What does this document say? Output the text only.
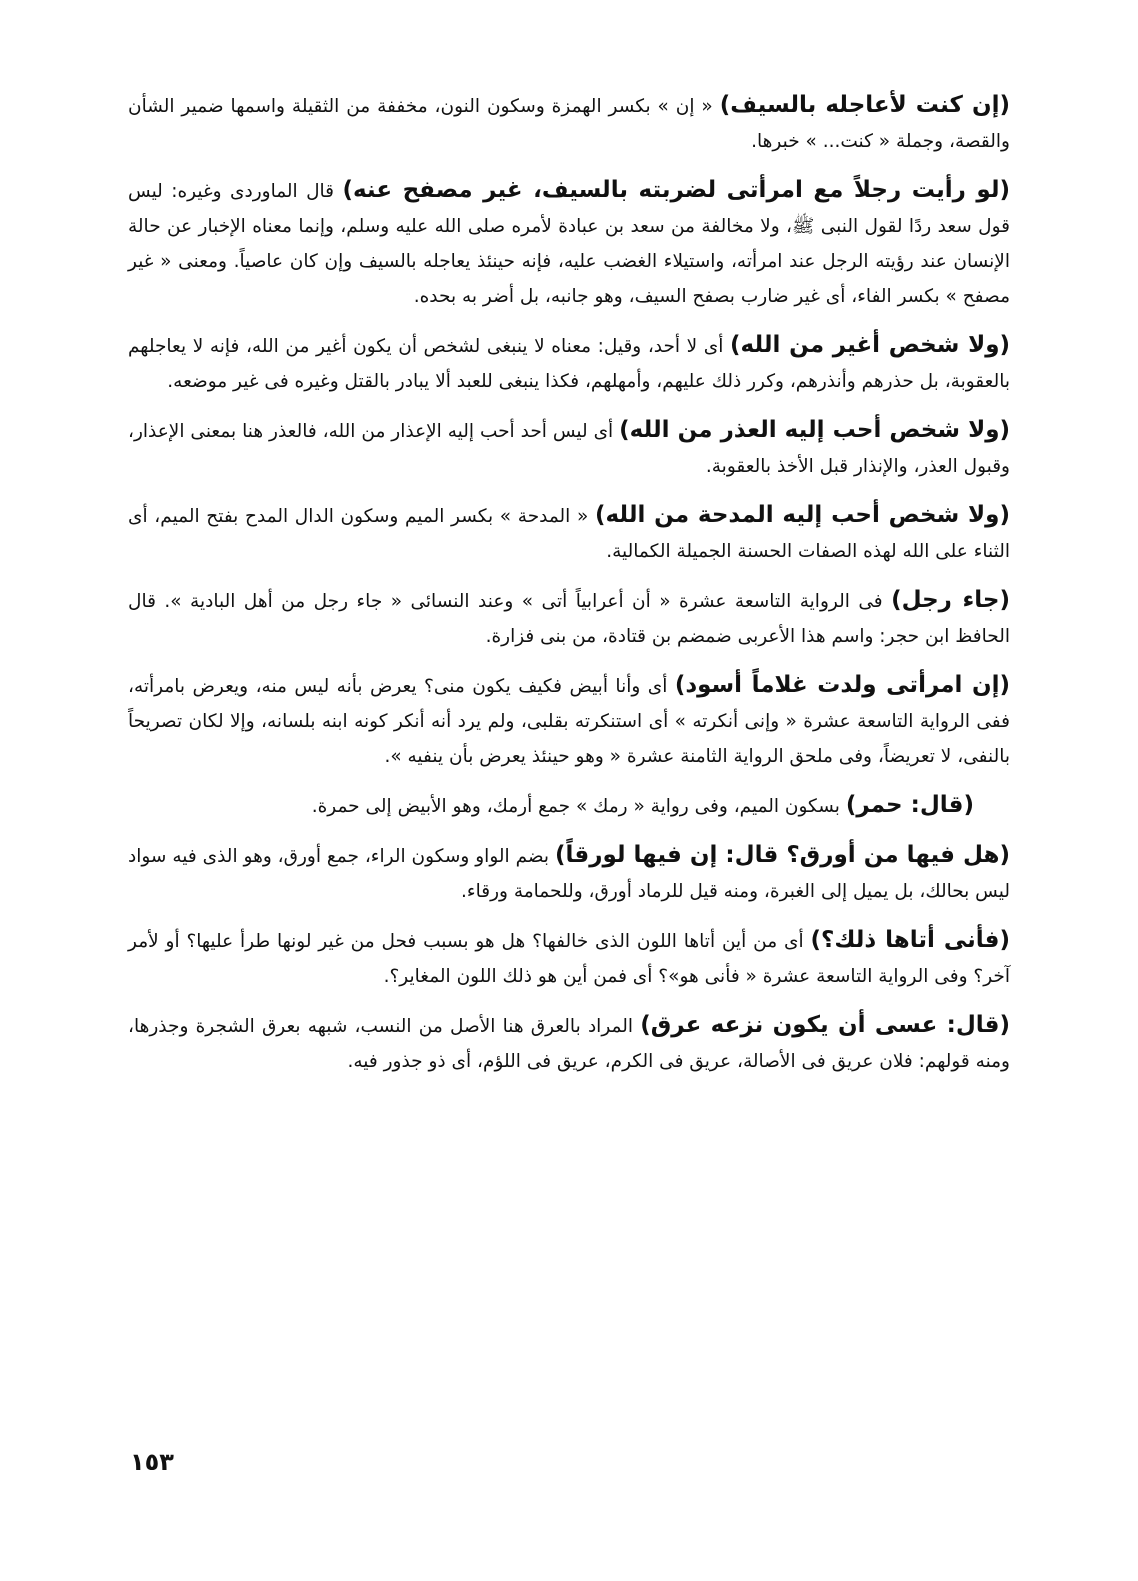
(إن كنت لأعاجله بالسيف) « إن » بكسر الهمزة وسكون النون، مخففة من الثقيلة واسمها ضمير الشأن والقصة، وجملة « كنت... » خبرها.

(لو رأيت رجلاً مع امرأتى لضربته بالسيف، غير مصفح عنه) قال الماوردى وغيره: ليس قول سعد ردًا لقول النبى ﷺ، ولا مخالفة من سعد بن عبادة لأمره صلى الله عليه وسلم، وإنما معناه الإخبار عن حالة الإنسان عند رؤيته الرجل عند امرأته، واستيلاء الغضب عليه، فإنه حينئذ يعاجله بالسيف وإن كان عاصياً. ومعنى « غير مصفح » بكسر الفاء، أى غير ضارب بصفح السيف، وهو جانبه، بل أضر به بحده.

(ولا شخص أغير من الله) أى لا أحد، وقيل: معناه لا ينبغى لشخص أن يكون أغير من الله، فإنه لا يعاجلهم بالعقوبة، بل حذرهم وأنذرهم، وكرر ذلك عليهم، وأمهلهم، فكذا ينبغى للعبد ألا يبادر بالقتل وغيره فى غير موضعه.

(ولا شخص أحب إليه العذر من الله) أى ليس أحد أحب إليه الإعذار من الله، فالعذر هنا بمعنى الإعذار، وقبول العذر، والإنذار قبل الأخذ بالعقوبة.

(ولا شخص أحب إليه المدحة من الله) « المدحة » بكسر الميم وسكون الدال المدح بفتح الميم، أى الثناء على الله لهذه الصفات الحسنة الجميلة الكمالية.

(جاء رجل) فى الرواية التاسعة عشرة « أن أعرابياً أتى » وعند النسائى « جاء رجل من أهل البادية ». قال الحافظ ابن حجر: واسم هذا الأعربى ضمضم بن قتادة، من بنى فزارة.

(إن امرأتى ولدت غلاماً أسود) أى وأنا أبيض فكيف يكون منى؟ يعرض بأنه ليس منه، ويعرض بامرأته، ففى الرواية التاسعة عشرة « وإنى أنكرته » أى استنكرته بقلبى، ولم يرد أنه أنكر كونه ابنه بلسانه، وإلا لكان تصريحاً بالنفى، لا تعريضاً، وفى ملحق الرواية الثامنة عشرة « وهو حينئذ يعرض بأن ينفيه ».

(قال: حمر) بسكون الميم، وفى رواية « رمك » جمع أرمك، وهو الأبيض إلى حمرة.

(هل فيها من أورق؟ قال: إن فيها لورقاً) بضم الواو وسكون الراء، جمع أورق، وهو الذى فيه سواد ليس بحالك، بل يميل إلى الغبرة، ومنه قيل للرماد أورق، وللحمامة ورقاء.

(فأنى أتاها ذلك؟) أى من أين أتاها اللون الذى خالفها؟ هل هو بسبب فحل من غير لونها طرأ عليها؟ أو لأمر آخر؟ وفى الرواية التاسعة عشرة « فأنى هو»؟ أى فمن أين هو ذلك اللون المغاير؟.

(قال: عسى أن يكون نزعه عرق) المراد بالعرق هنا الأصل من النسب، شبهه بعرق الشجرة وجذرها، ومنه قولهم: فلان عريق فى الأصالة، عريق فى الكرم، عريق فى اللؤم، أى ذو جذور فيه.

١٥٣
